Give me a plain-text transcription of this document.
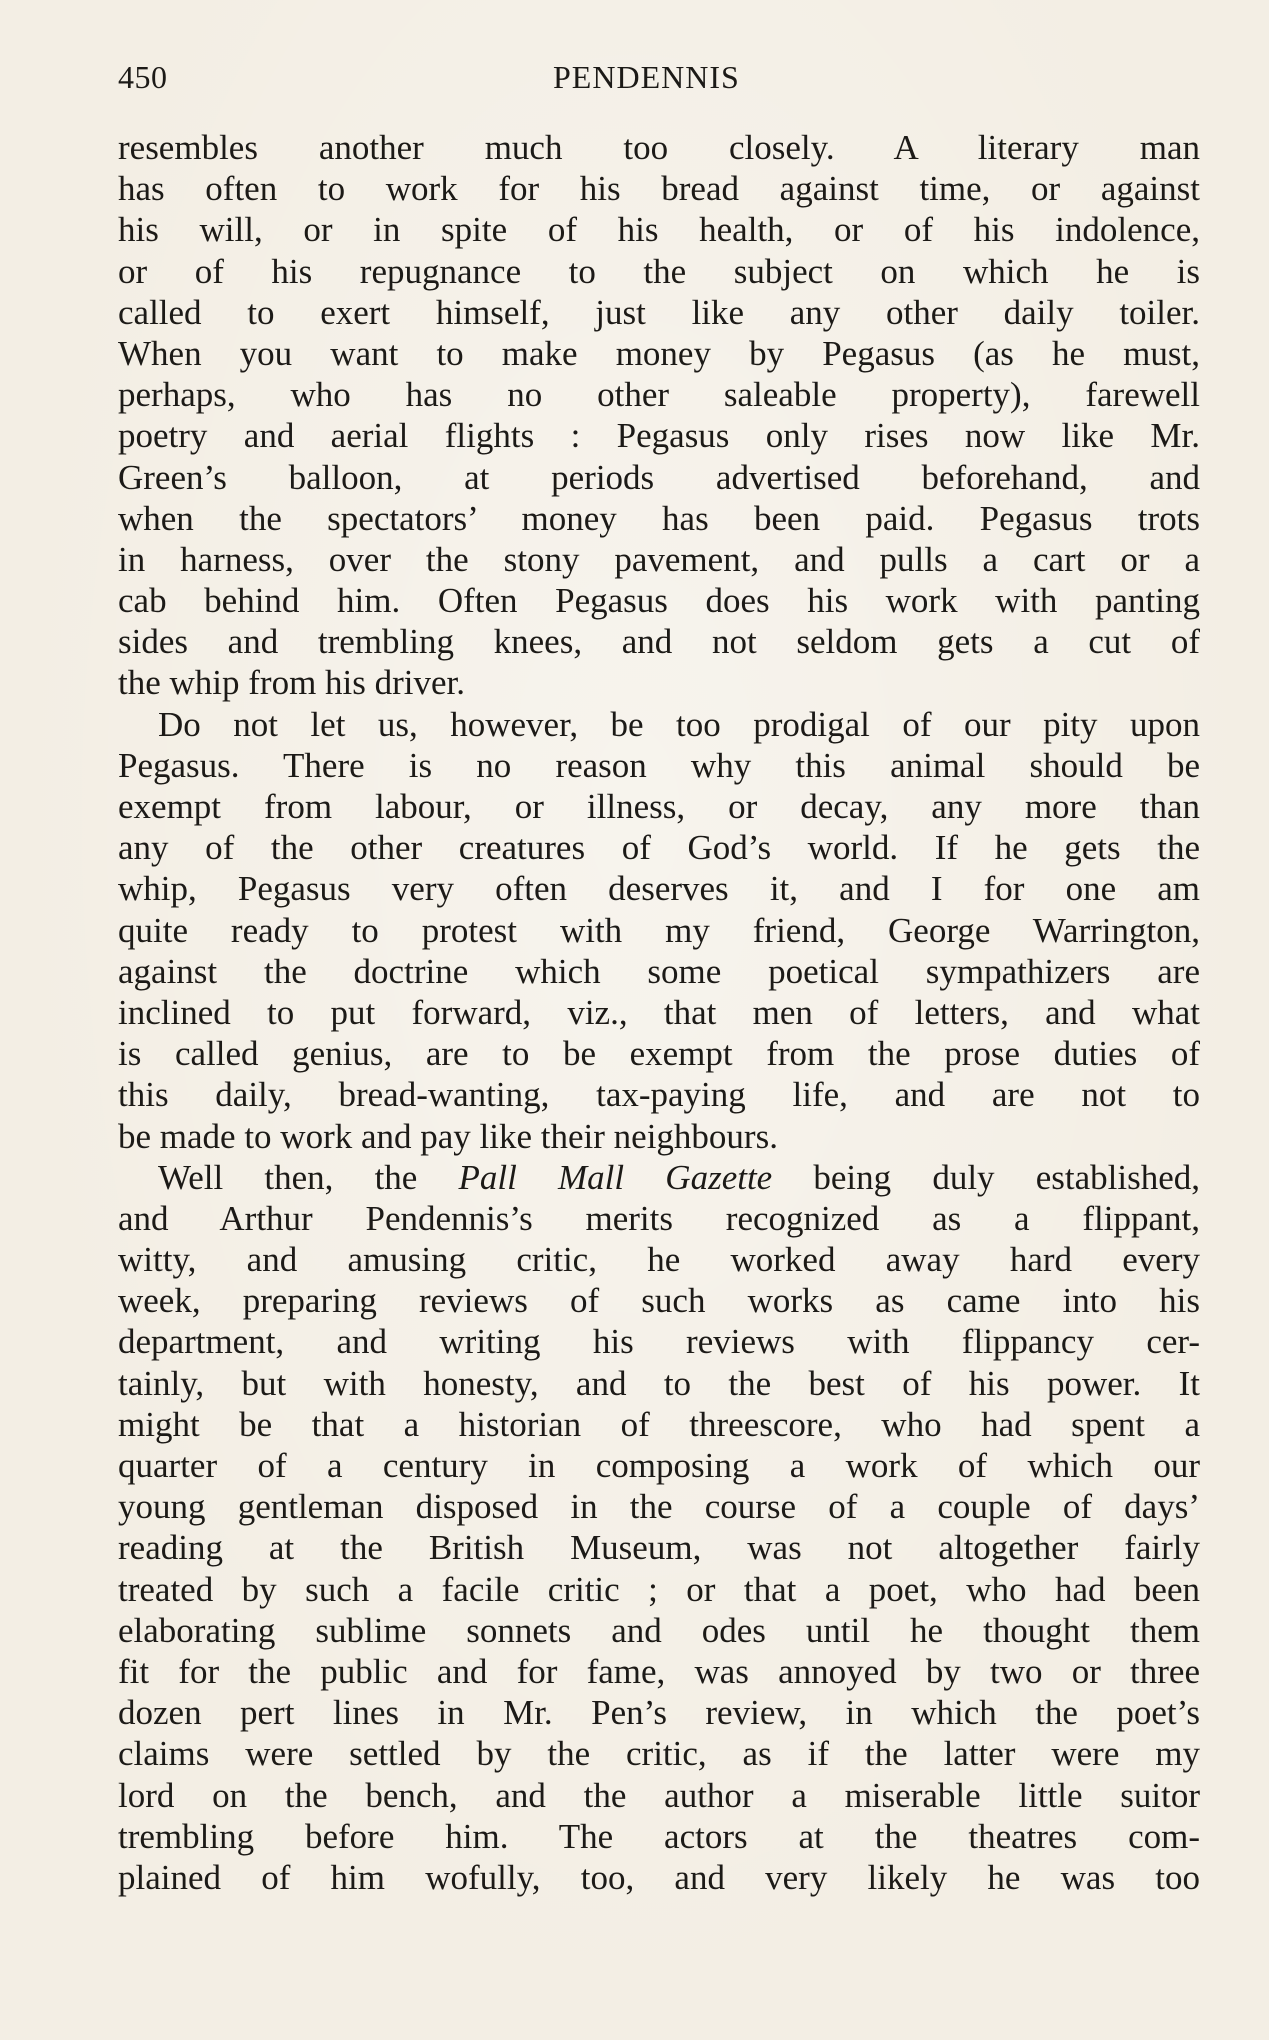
450	PENDENNIS
resembles another much too closely. A literary man
has often to work for his bread against time, or against
his will, or in spite of his health, or of his indolence,
or of his repugnance to the subject on which he is
called to exert himself, just like any other daily toiler.
When you want to make money by Pegasus (as he must,
perhaps, who has no other saleable property), farewell
poetry and aerial flights : Pegasus only rises now like Mr.
Green’s balloon, at periods advertised beforehand, and
when the spectators’ money has been paid. Pegasus trots
in harness, over the stony pavement, and pulls a cart or a
cab behind him. Often Pegasus does his work with panting
sides and trembling knees, and not seldom gets a cut of
the whip from his driver.
Do not let us, however, be too prodigal of our pity upon
Pegasus. There is no reason why this animal should be
exempt from labour, or illness, or decay, any more than
any of the other creatures of God’s world. If he gets the
whip, Pegasus very often deserves it, and I for one am
quite ready to protest with my friend, George Warrington,
against the doctrine which some poetical sympathizers are
inclined to put forward, viz., that men of letters, and what
is called genius, are to be exempt from the prose duties of
this daily, bread-wanting, tax-paying life, and are not to
be made to work and pay like their neighbours.
Well then, the Pall Mall Gazette being duly established,
and Arthur Pendennis’s merits recognized as a flippant,
witty, and amusing critic, he worked away hard every
week, preparing reviews of such works as came into his
department, and writing his reviews with flippancy cer-
tainly, but with honesty, and to the best of his power. It
might be that a historian of threescore, who had spent a
quarter of a century in composing a work of which our
young gentleman disposed in the course of a couple of days’
reading at the British Museum, was not altogether fairly
treated by such a facile critic ; or that a poet, who had been
elaborating sublime sonnets and odes until he thought them
fit for the public and for fame, was annoyed by two or three
dozen pert lines in Mr. Pen’s review, in which the poet’s
claims were settled by the critic, as if the latter were my
lord on the bench, and the author a miserable little suitor
trembling before him. The actors at the theatres com-
plained of him wofully, too, and very likely he was too
